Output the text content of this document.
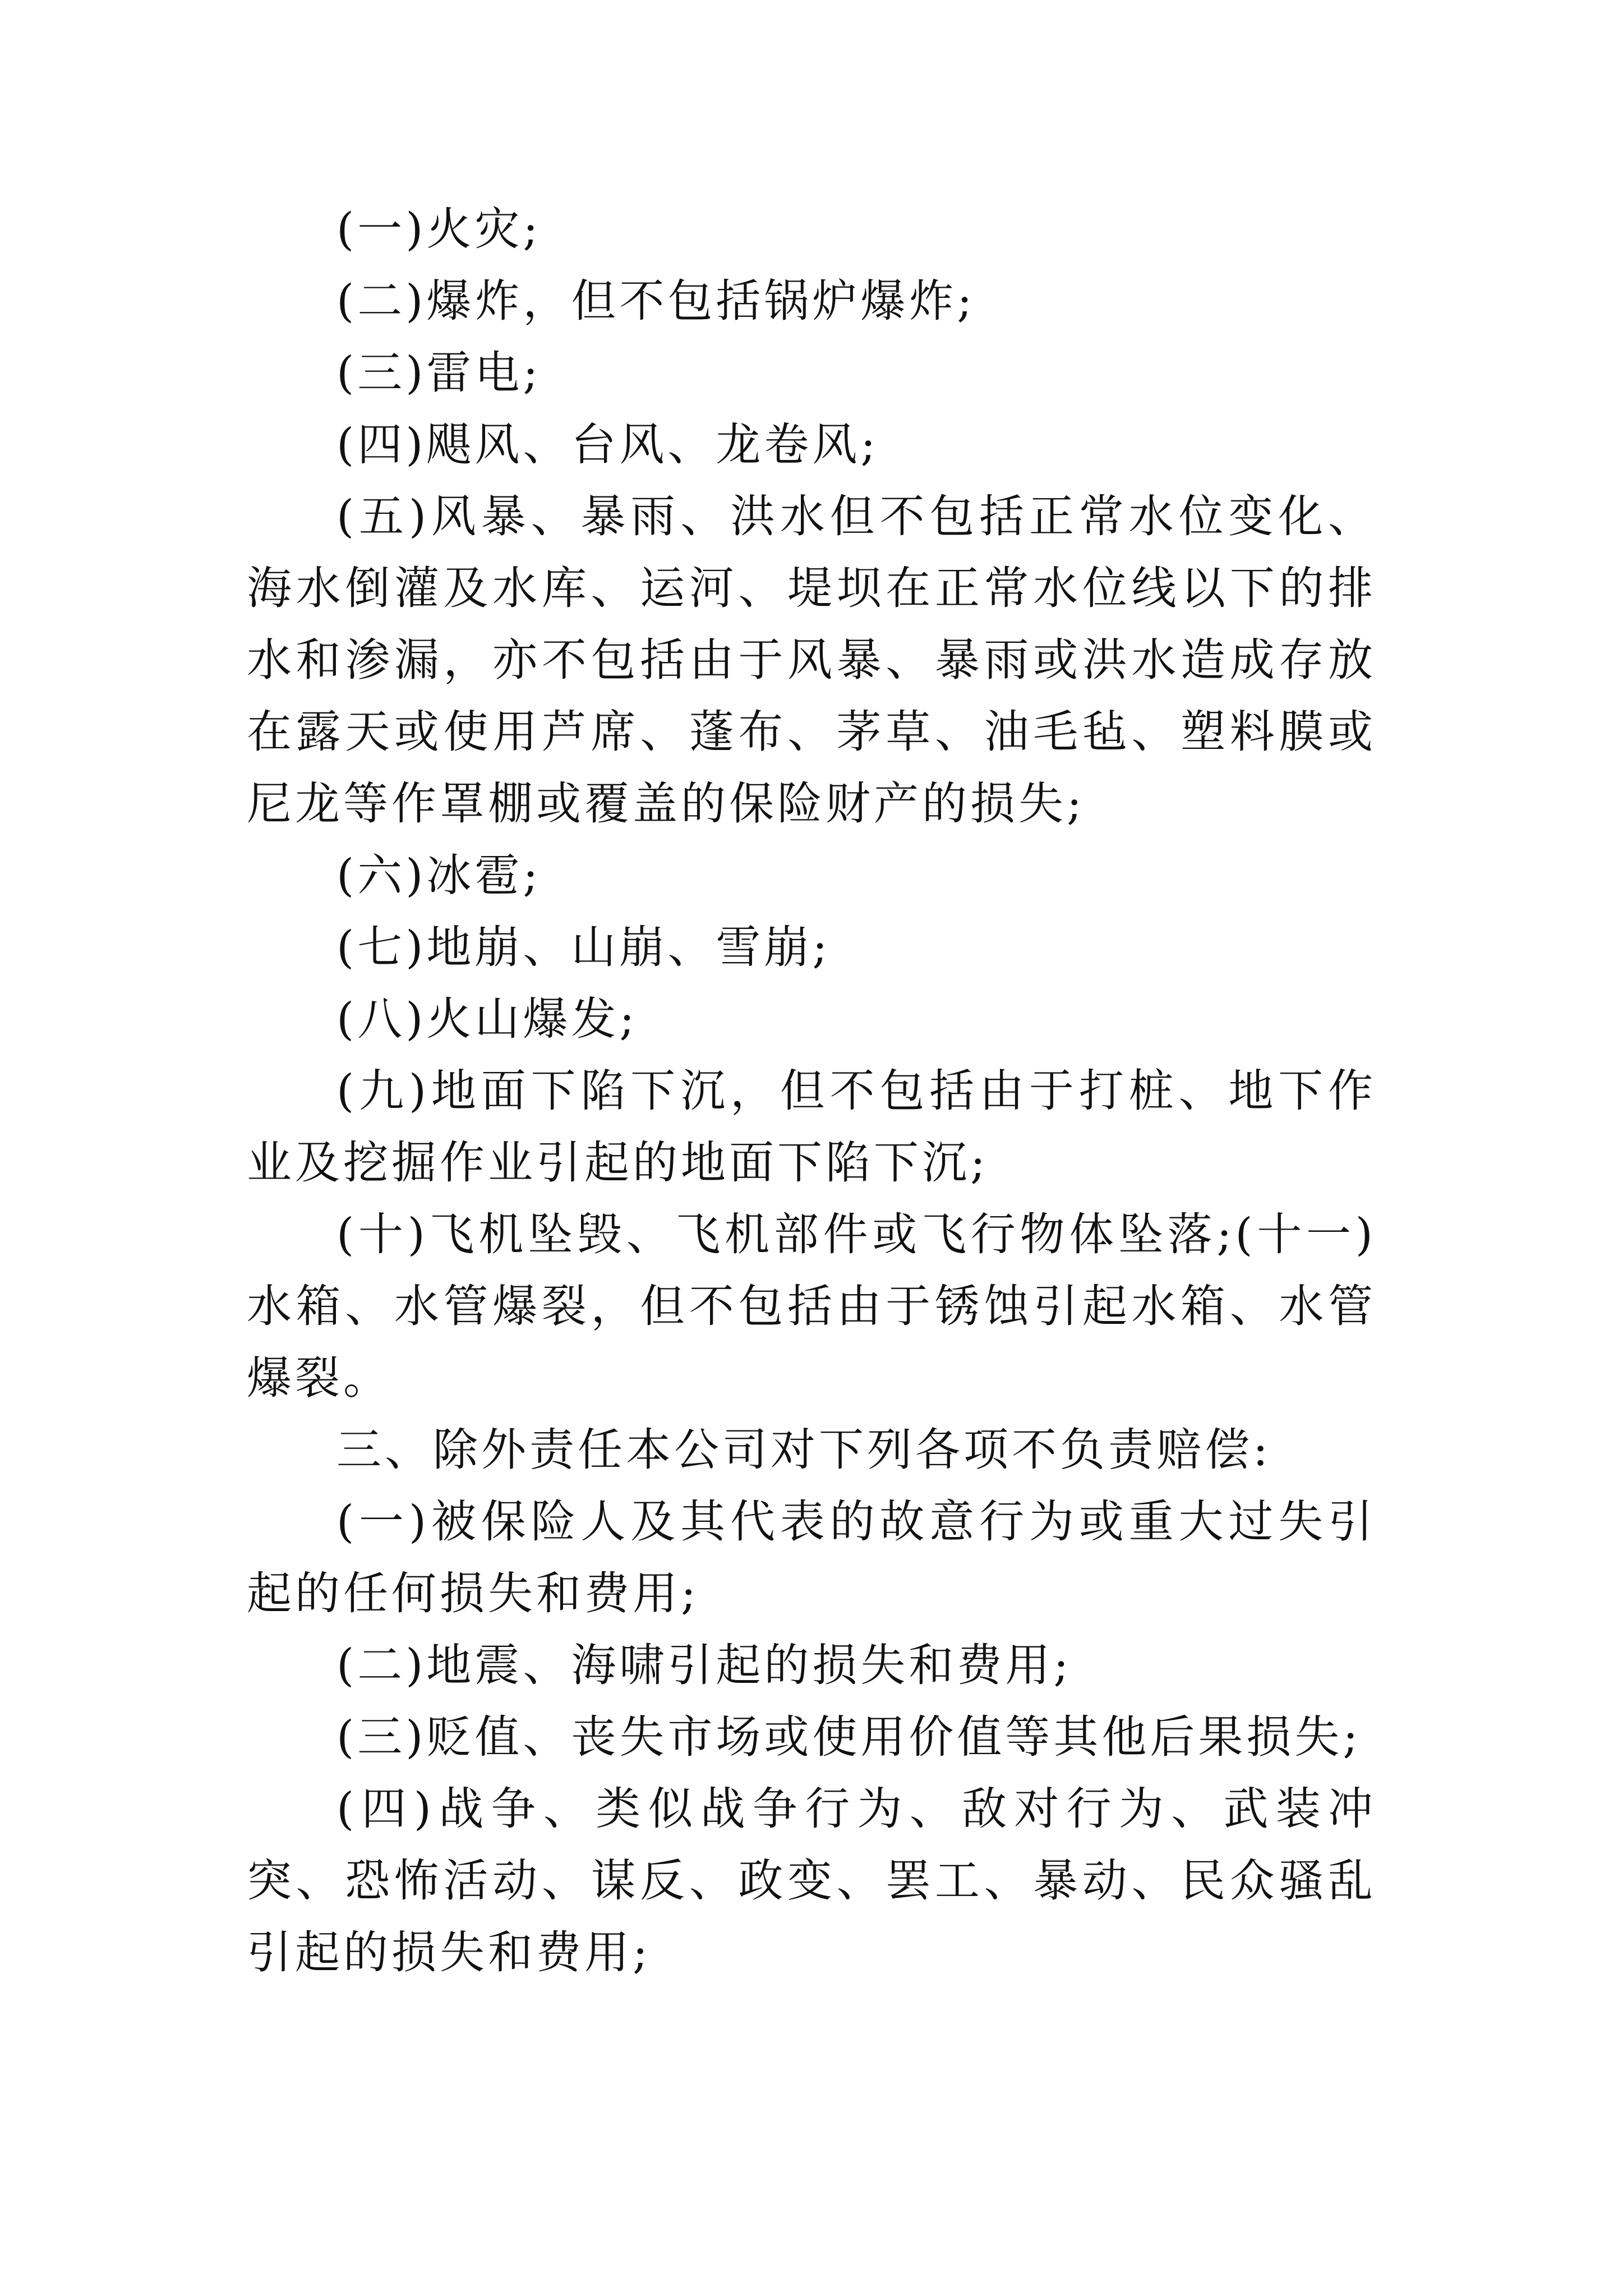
(一)火灾;

(二)爆炸，但不包括锅炉爆炸;

(三)雷电;

(四)飓风、台风、龙卷风;

(五)风暴、暴雨、洪水但不包括正常水位变化、海水倒灌及水库、运河、堤坝在正常水位线以下的排水和渗漏，亦不包括由于风暴、暴雨或洪水造成存放在露天或使用芦席、蓬布、茅草、油毛毡、塑料膜或尼龙等作罩棚或覆盖的保险财产的损失;

(六)冰雹;

(七)地崩、山崩、雪崩;

(八)火山爆发;

(九)地面下陷下沉，但不包括由于打桩、地下作业及挖掘作业引起的地面下陷下沉;

(十)飞机坠毁、飞机部件或飞行物体坠落;(十一)水箱、水管爆裂，但不包括由于锈蚀引起水箱、水管爆裂。

三、除外责任本公司对下列各项不负责赔偿:

(一)被保险人及其代表的故意行为或重大过失引起的任何损失和费用;

(二)地震、海啸引起的损失和费用;

(三)贬值、丧失市场或使用价值等其他后果损失;

(四)战争、类似战争行为、敌对行为、武装冲突、恐怖活动、谋反、政变、罢工、暴动、民众骚乱引起的损失和费用;
